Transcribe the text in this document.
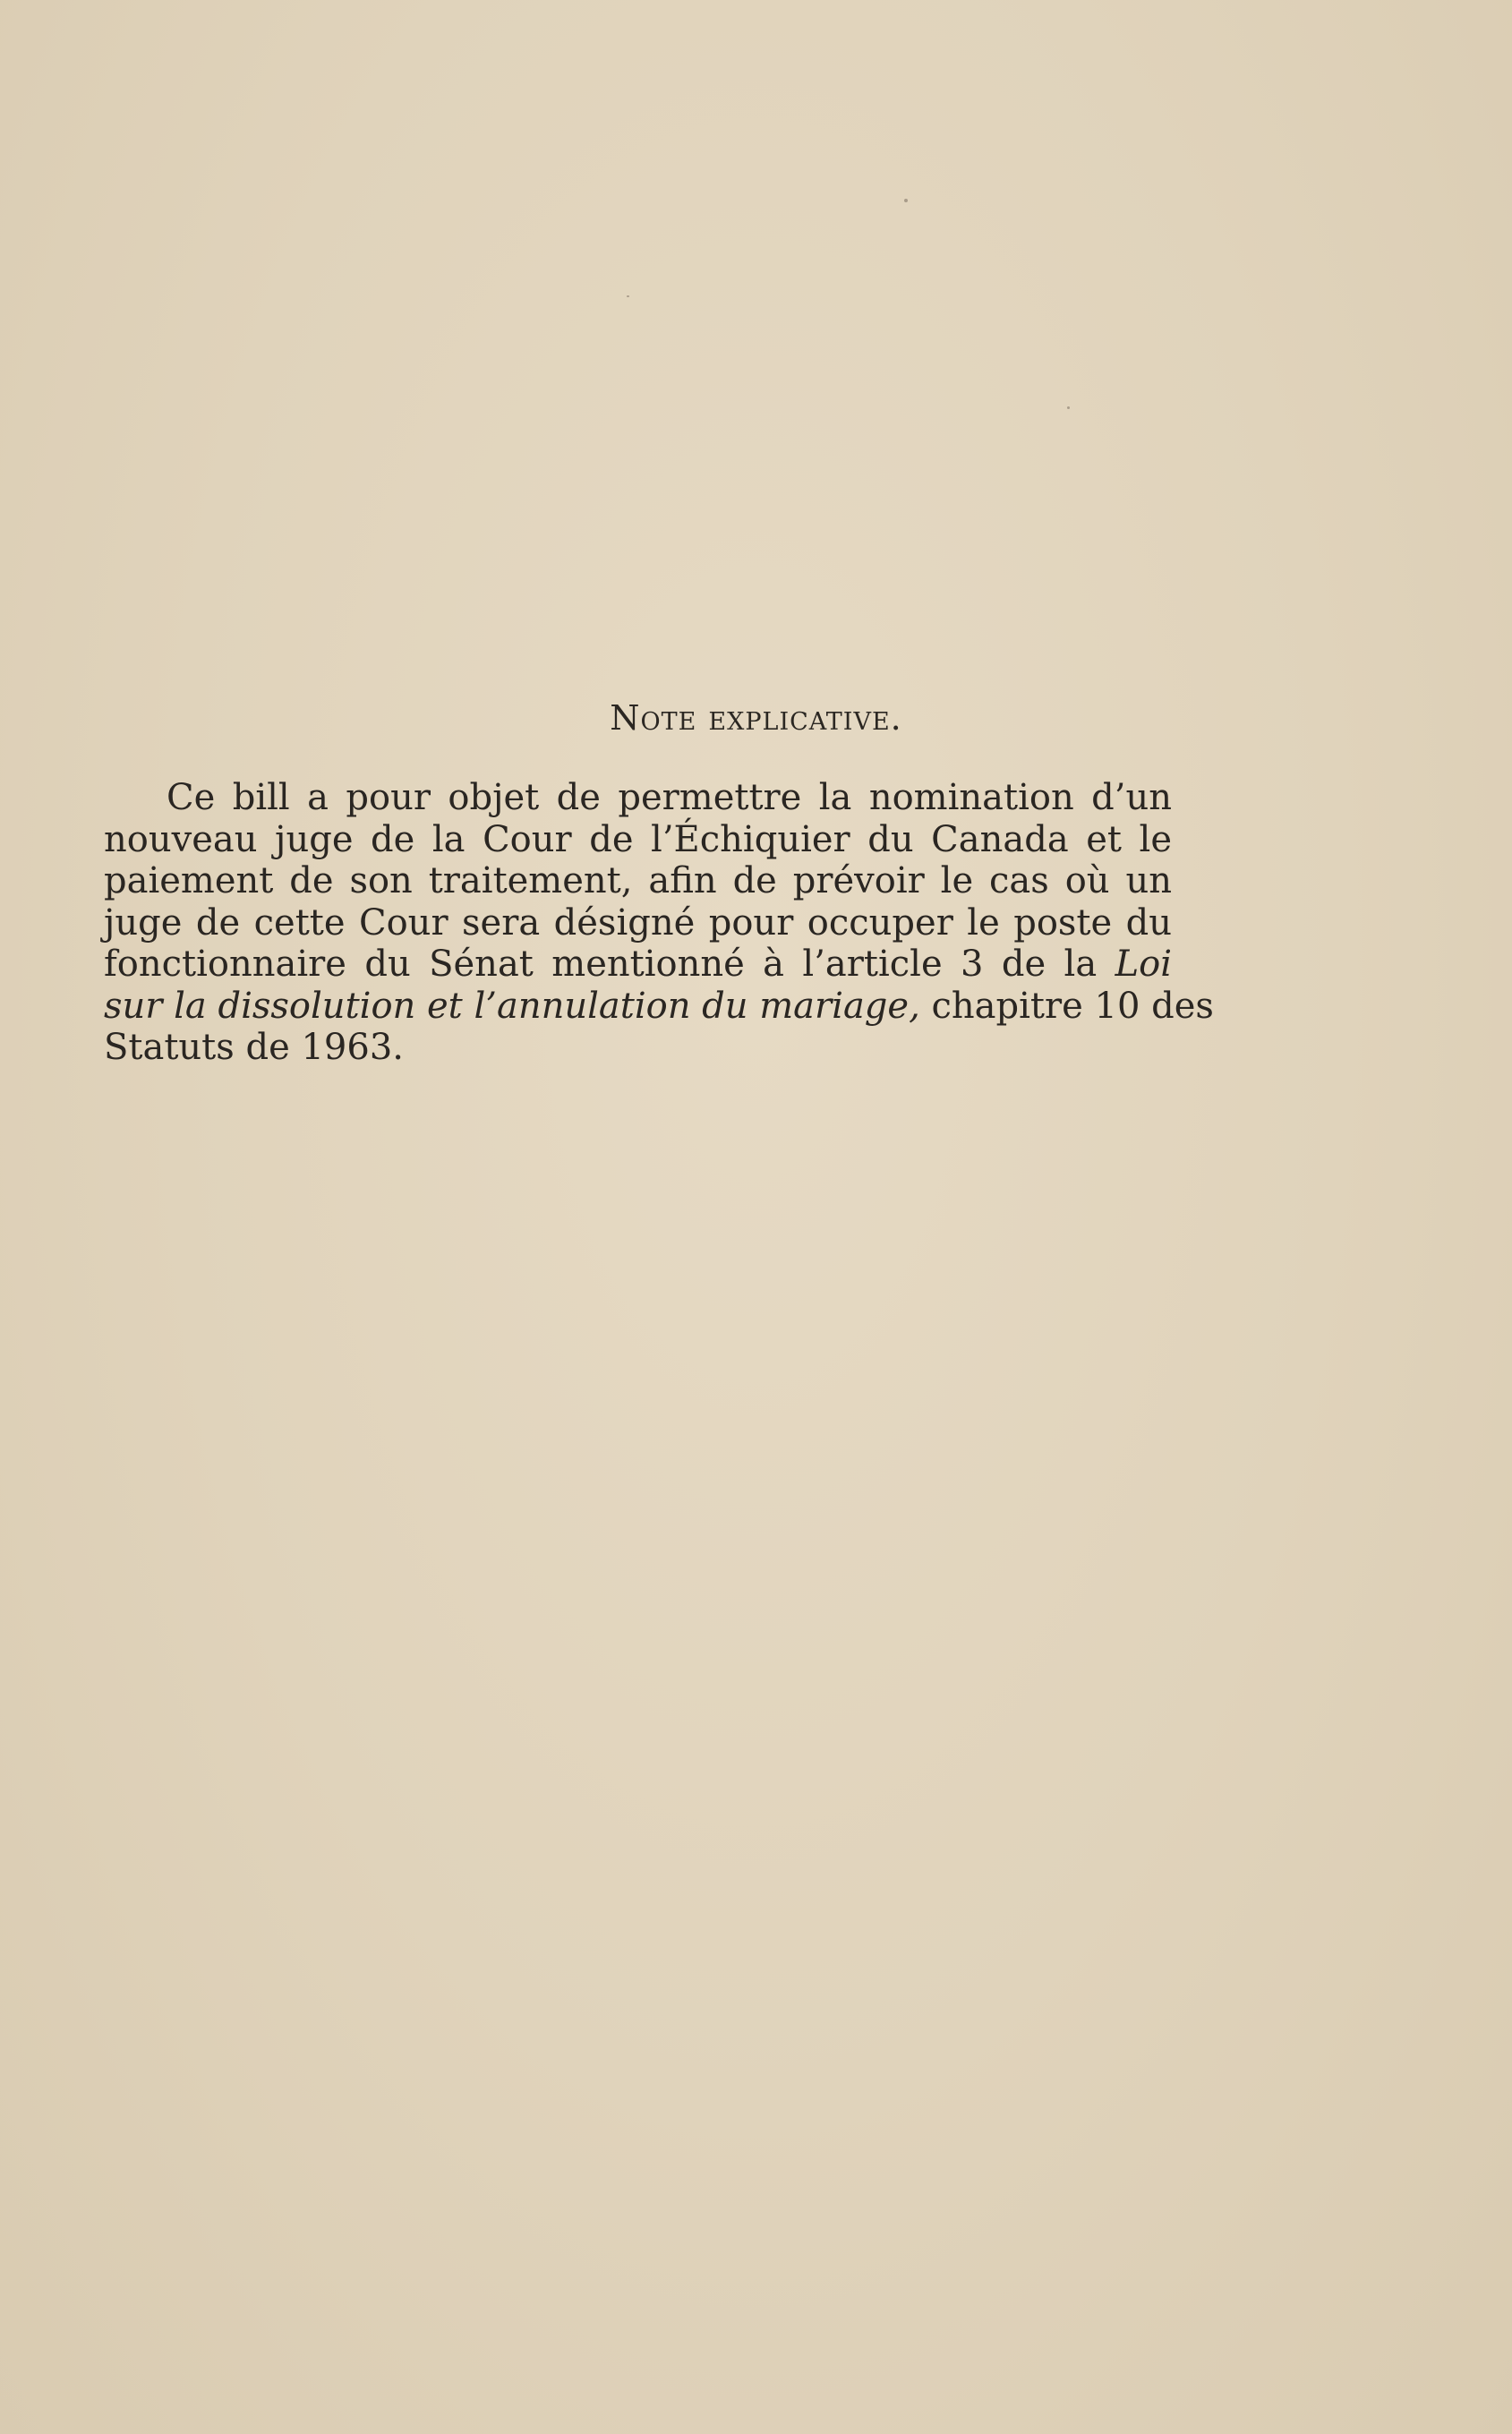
Note explicative.
Ce bill a pour objet de permettre la nomination d’un
nouveau juge de la Cour de l’Échiquier du Canada et le
paiement de son traitement, afin de prévoir le cas où un
juge de cette Cour sera désigné pour occuper le poste du
fonctionnaire du Sénat mentionné à l’article 3 de la Loi
sur la dissolution et l’annulation du mariage, chapitre 10 des
Statuts de 1963.
